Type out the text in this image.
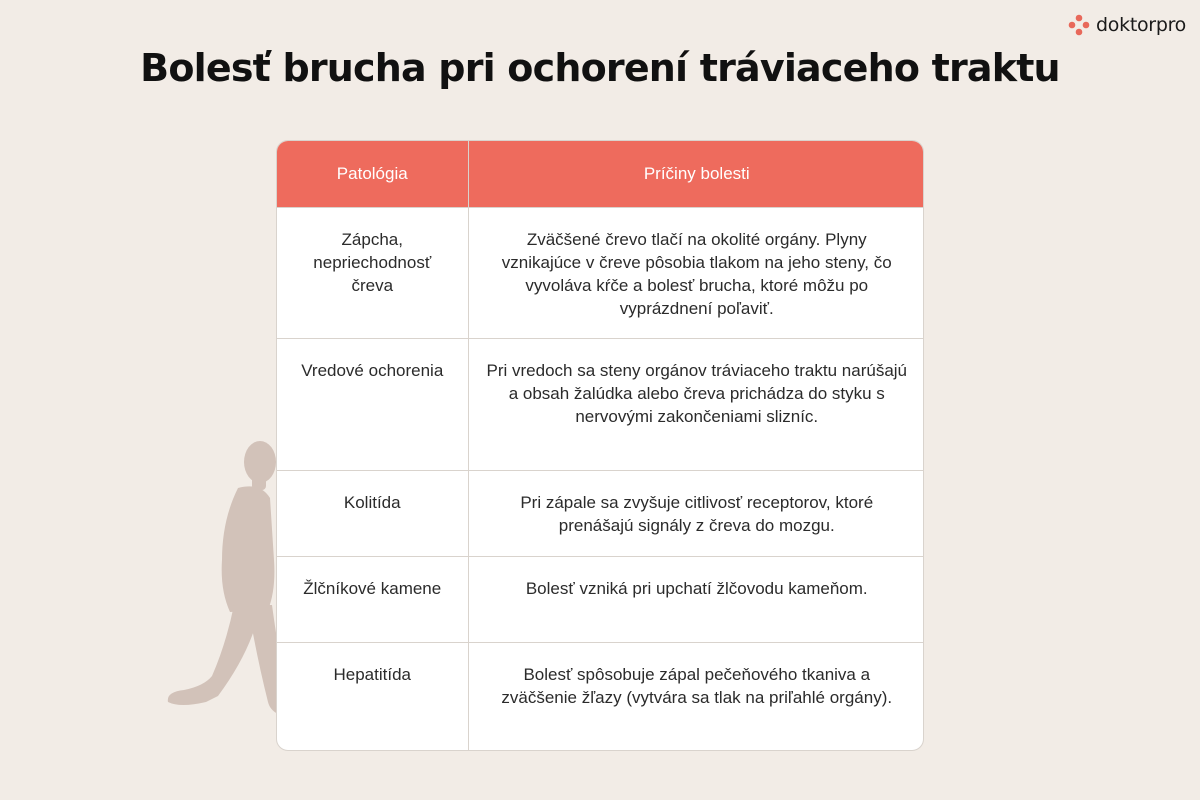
doktorpro
Bolesť brucha pri ochorení tráviaceho traktu
Patológia	Príčiny bolesti
Zápcha, nepriechodnosť čreva	Zväčšené črevo tlačí na okolité orgány. Plyny vznikajúce v čreve pôsobia tlakom na jeho steny, čo vyvoláva kŕče a bolesť brucha, ktoré môžu po vyprázdnení poľaviť.
Vredové ochorenia	Pri vredoch sa steny orgánov tráviaceho traktu narúšajú a obsah žalúdka alebo čreva prichádza do styku s nervovými zakončeniami slizníc.
Kolitída	Pri zápale sa zvyšuje citlivosť receptorov, ktoré prenášajú signály z čreva do mozgu.
Žlčníkové kamene	Bolesť vzniká pri upchatí žlčovodu kameňom.
Hepatitída	Bolesť spôsobuje zápal pečeňového tkaniva a zväčšenie žľazy (vytvára sa tlak na priľahlé orgány).
